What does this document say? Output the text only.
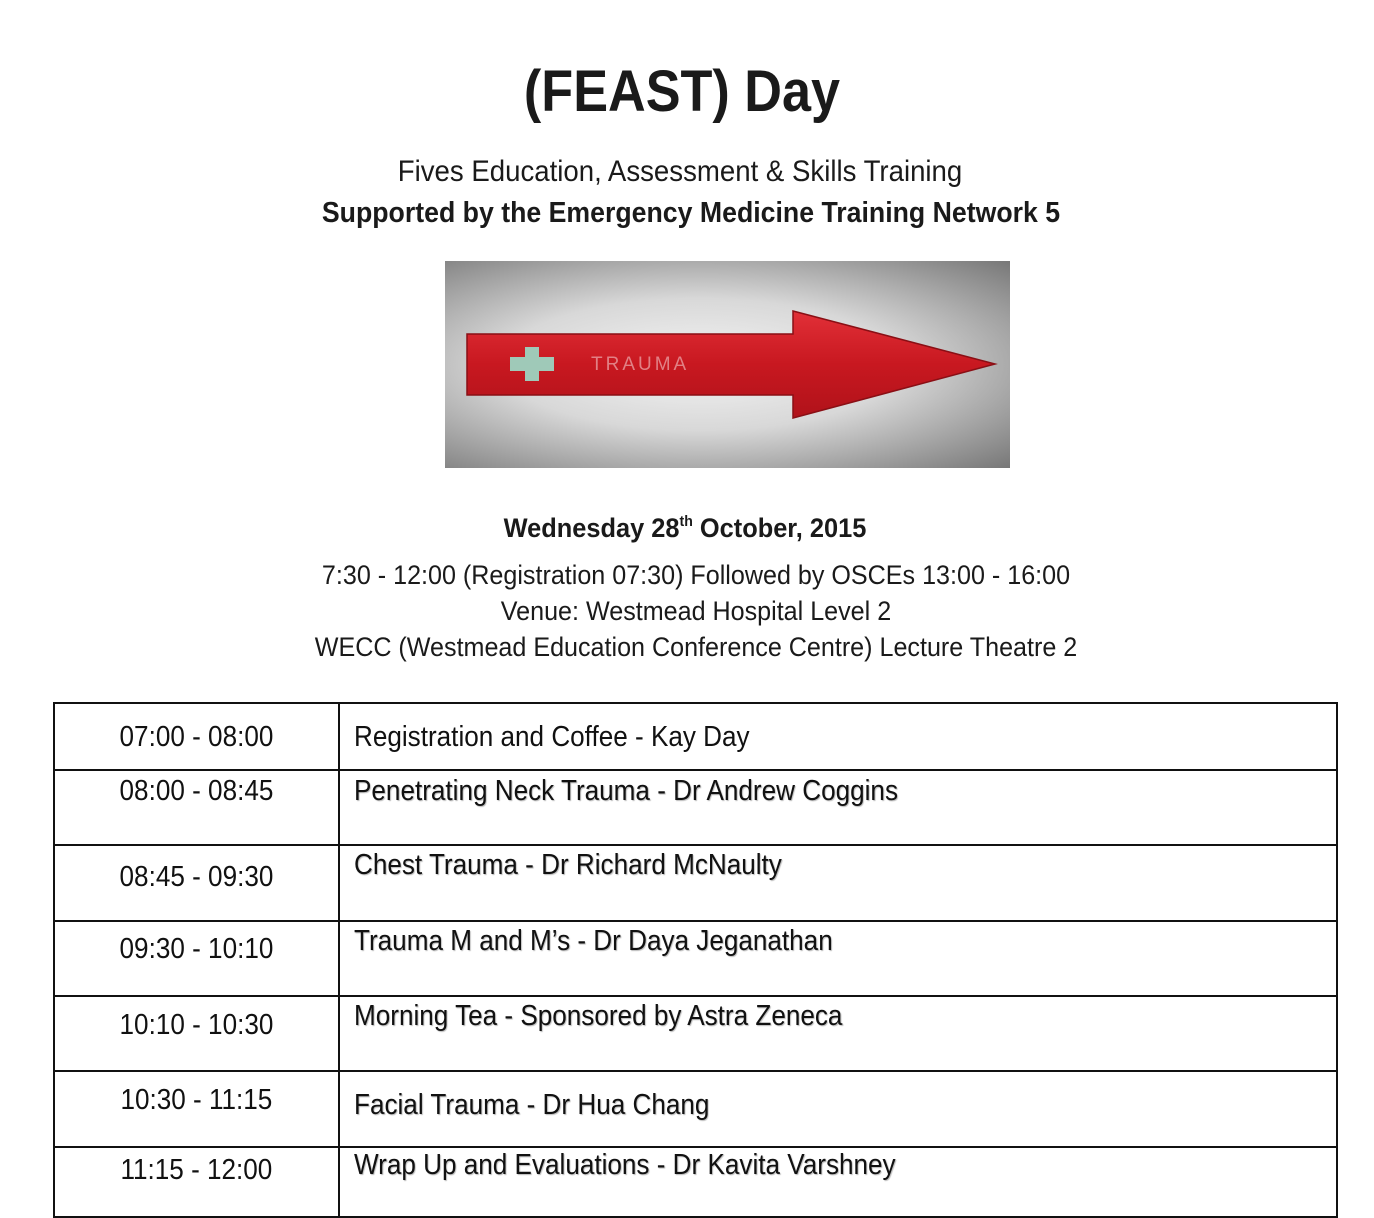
(FEAST) Day
Fives Education, Assessment & Skills Training
Supported by the Emergency Medicine Training Network 5
TRAUMA
Wednesday 28th October, 2015
7:30 - 12:00 (Registration 07:30) Followed by OSCEs 13:00 - 16:00
Venue: Westmead Hospital Level 2
WECC (Westmead Education Conference Centre) Lecture Theatre 2
07:00 - 08:00	Registration and Coffee - Kay Day
08:00 - 08:45	Penetrating Neck Trauma - Dr Andrew Coggins
08:45 - 09:30	Chest Trauma - Dr Richard McNaulty
09:30 - 10:10	Trauma M and M’s - Dr Daya Jeganathan
10:10 - 10:30	Morning Tea - Sponsored by Astra Zeneca
10:30 - 11:15	Facial Trauma - Dr Hua Chang
11:15 - 12:00	Wrap Up and Evaluations - Dr Kavita Varshney
